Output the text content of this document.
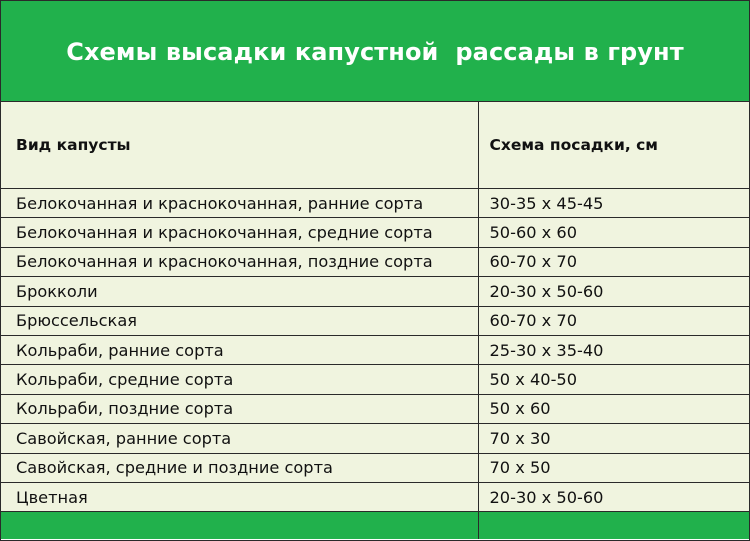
Схемы высадки капустной  рассады в грунт
Вид капусты	Схема посадки, см
Белокочанная и краснокочанная, ранние сорта	30-35 х 45-45
Белокочанная и краснокочанная, средние сорта	50-60 х 60
Белокочанная и краснокочанная, поздние сорта	60-70 х 70
Брокколи	20-30 х 50-60
Брюссельская	60-70 х 70
Кольраби, ранние сорта	25-30 х 35-40
Кольраби, средние сорта	50 х 40-50
Кольраби, поздние сорта	50 х 60
Савойская, ранние сорта	70 х 30
Савойская, средние и поздние сорта	70 х 50
Цветная	20-30 х 50-60
